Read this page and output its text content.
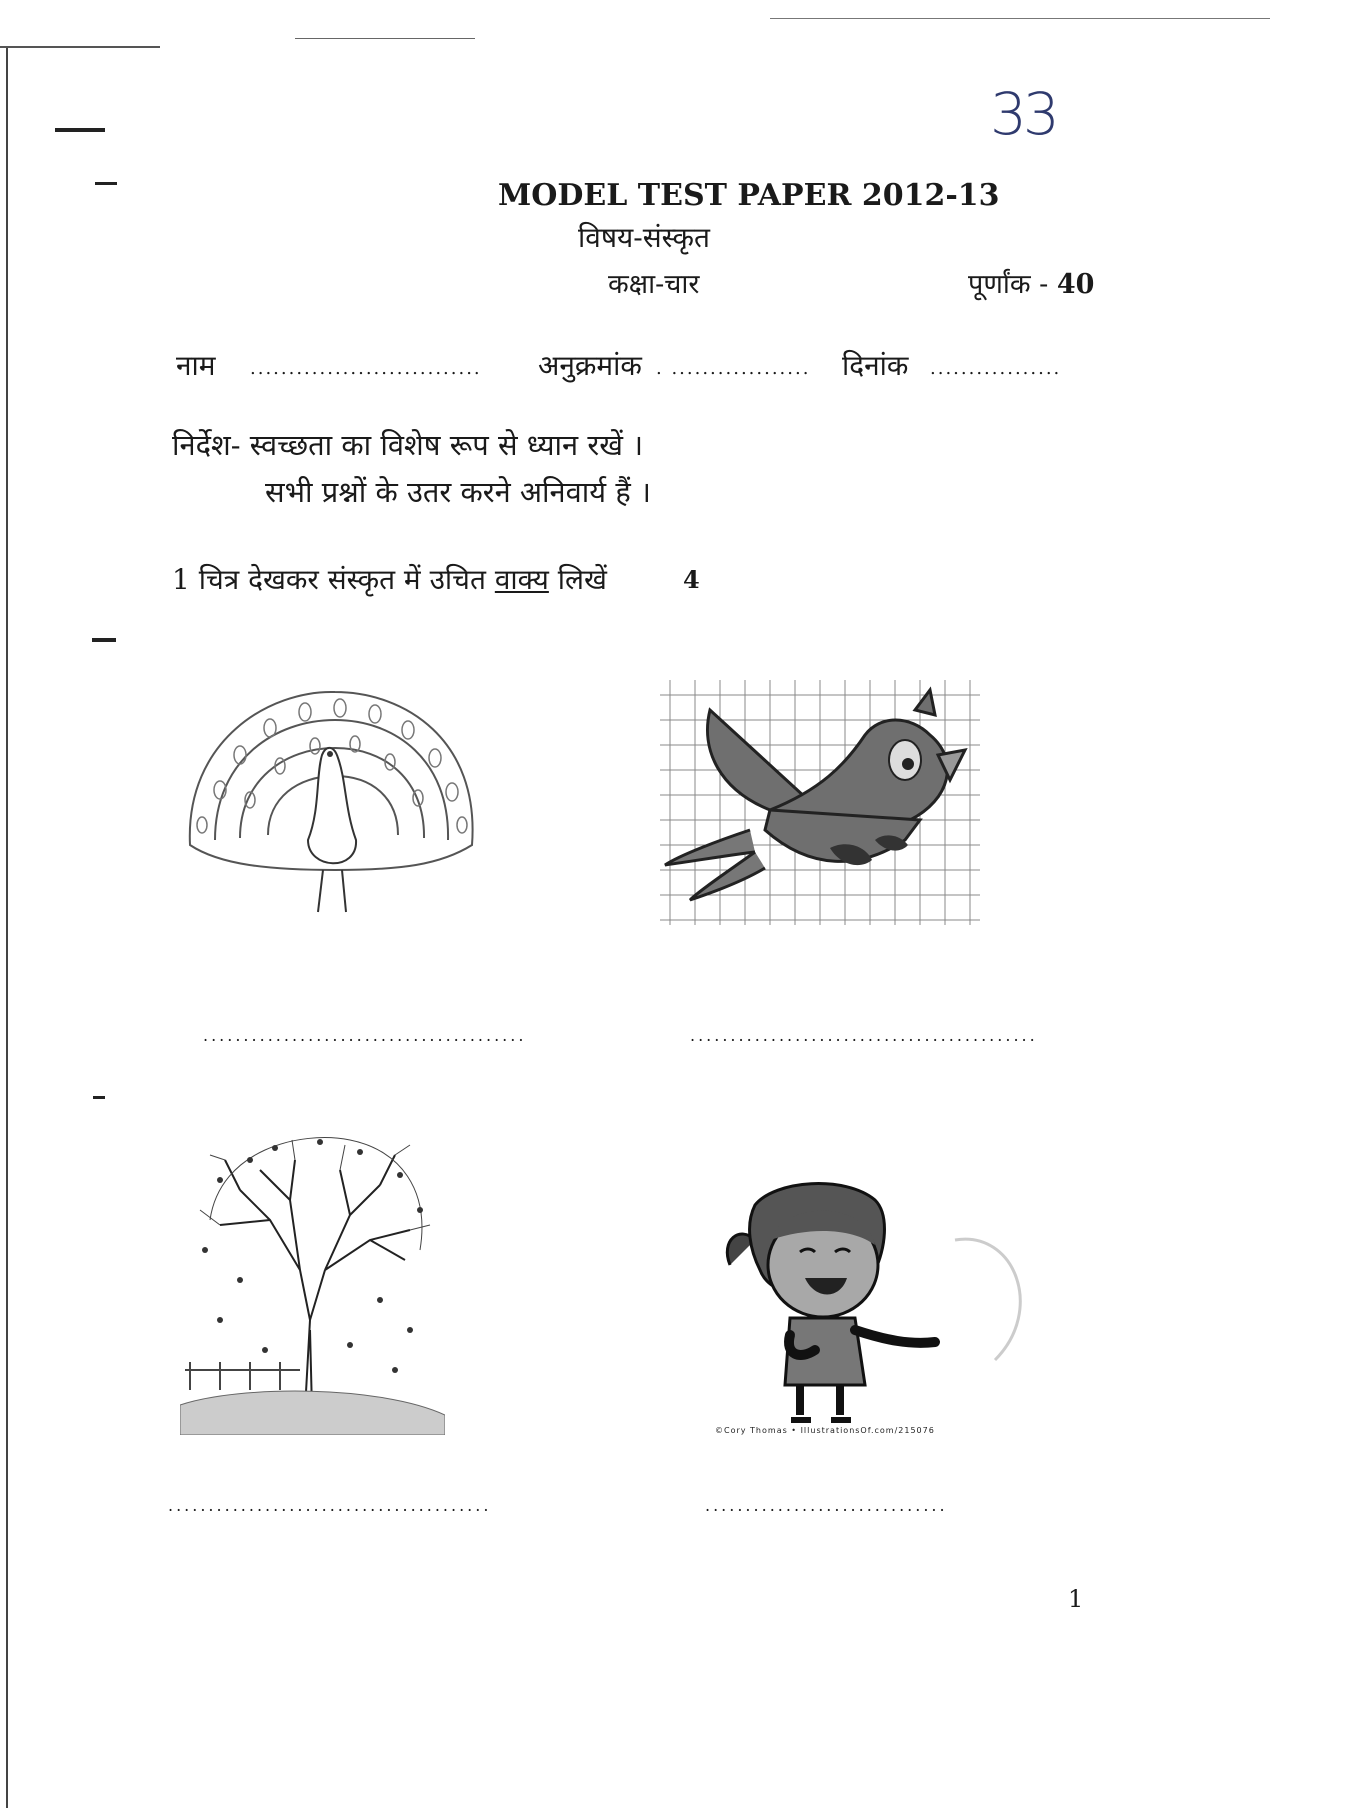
33
MODEL TEST PAPER 2012-13
विषय-संस्कृत
कक्षा-चार	पूर्णांक - 40
नाम .............................. अनुक्रमांक . .................. दिनांक .................
निर्देश- स्वच्छता का विशेष रूप से ध्यान रखें ।
सभी प्रश्नों के उतर करने अनिवार्य हैं ।
1 चित्र देखकर संस्कृत में उचित वाक्य लिखें	4
........................................	...........................................
©Cory Thomas • IllustrationsOf.com/215076
........................................	..............................
1
